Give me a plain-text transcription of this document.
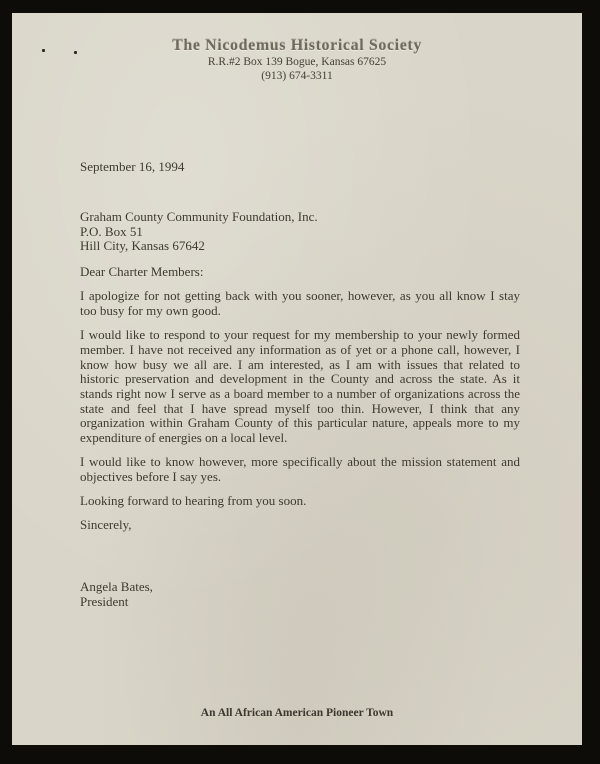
The Nicodemus Historical Society
R.R.#2 Box 139 Bogue, Kansas 67625
(913) 674-3311
September 16, 1994
Graham County Community Foundation, Inc.
P.O. Box 51
Hill City, Kansas 67642

Dear Charter Members:

I apologize for not getting back with you sooner, however, as you all know I stay too busy for my own good.

I would like to respond to your request for my membership to your newly formed member. I have not received any information as of yet or a phone call, however, I know how busy we all are. I am interested, as I am with issues that related to historic preservation and development in the County and across the state. As it stands right now I serve as a board member to a number of organizations across the state and feel that I have spread myself too thin. However, I think that any organization within Graham County of this particular nature, appeals more to my expenditure of energies on a local level.

I would like to know however, more specifically about the mission statement and objectives before I say yes.

Looking forward to hearing from you soon.

Sincerely,

Angela Bates,
President
An All African American Pioneer Town
